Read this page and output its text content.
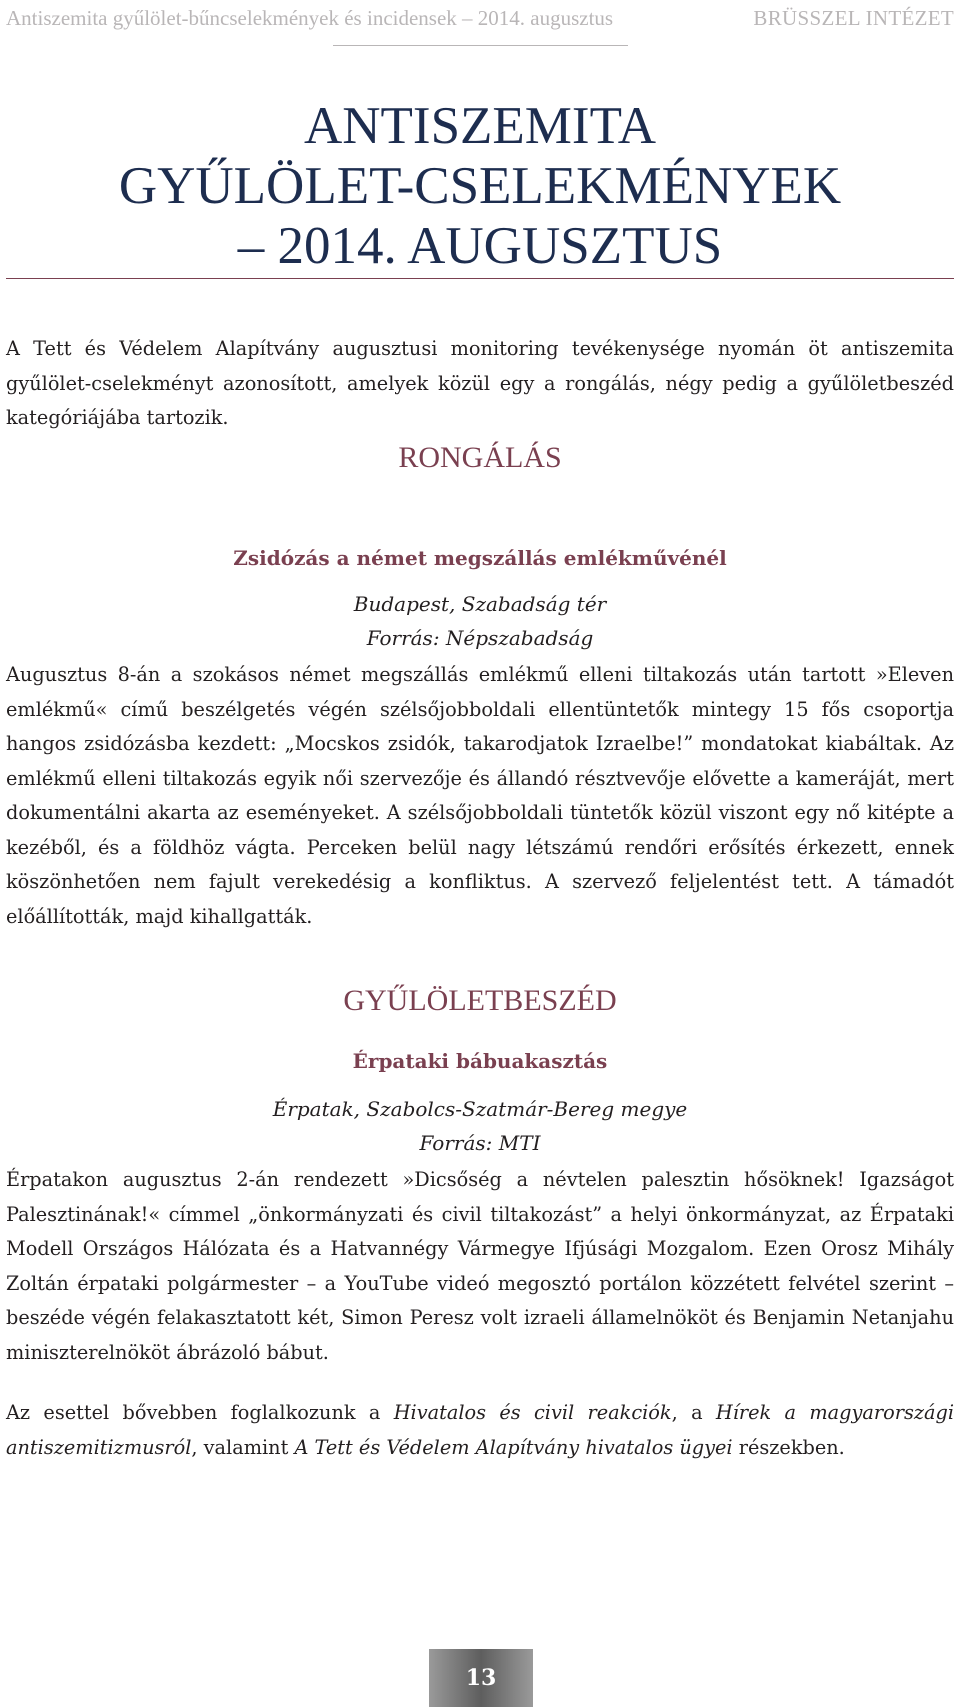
Antiszemita gyűlölet-bűncselekmények és incidensek – 2014. augusztus	BRÜSSZEL INTÉZET
ANTISZEMITA
GYŰLÖLET-CSELEKMÉNYEK
– 2014. AUGUSZTUS

A Tett és Védelem Alapítvány augusztusi monitoring tevékenysége nyomán öt antiszemita gyűlölet-cselekményt azonosított, amelyek közül egy a rongálás, négy pedig a gyűlöletbeszéd kategóriájába tartozik.

RONGÁLÁS
Zsidózás a német megszállás emlékművénél
Budapest, Szabadság tér
Forrás: Népszabadság

Augusztus 8-án a szokásos német megszállás emlékmű elleni tiltakozás után tartott »Eleven emlékmű« című beszélgetés végén szélsőjobboldali ellentüntetők mintegy 15 fős csoportja hangos zsidózásba kezdett: „Mocskos zsidók, takarodjatok Izraelbe!” mondatokat kiabáltak. Az emlékmű elleni tiltakozás egyik női szervezője és állandó résztvevője elővette a kameráját, mert dokumentálni akarta az eseményeket. A szélsőjobboldali tüntetők közül viszont egy nő kitépte a kezéből, és a földhöz vágta. Perceken belül nagy létszámú rendőri erősítés érkezett, ennek köszönhetően nem fajult verekedésig a konfliktus. A szervező feljelentést tett. A támadót előállították, majd kihallgatták.

GYŰLÖLETBESZÉD
Érpataki bábuakasztás
Érpatak, Szabolcs-Szatmár-Bereg megye
Forrás: MTI

Érpatakon augusztus 2-án rendezett »Dicsőség a névtelen palesztin hősöknek! Igazságot Palesztinának!« címmel „önkormányzati és civil tiltakozást” a helyi önkormányzat, az Érpataki Modell Országos Hálózata és a Hatvannégy Vármegye Ifjúsági Mozgalom. Ezen Orosz Mihály Zoltán érpataki polgármester – a YouTube videó megosztó portálon közzétett felvétel szerint – beszéde végén felakasztatott két, Simon Peresz volt izraeli államelnököt és Benjamin Netanjahu miniszterelnököt ábrázoló bábut.

Az esettel bővebben foglalkozunk a Hivatalos és civil reakciók, a Hírek a magyarországi antiszemitizmusról, valamint A Tett és Védelem Alapítvány hivatalos ügyei részekben.

13
